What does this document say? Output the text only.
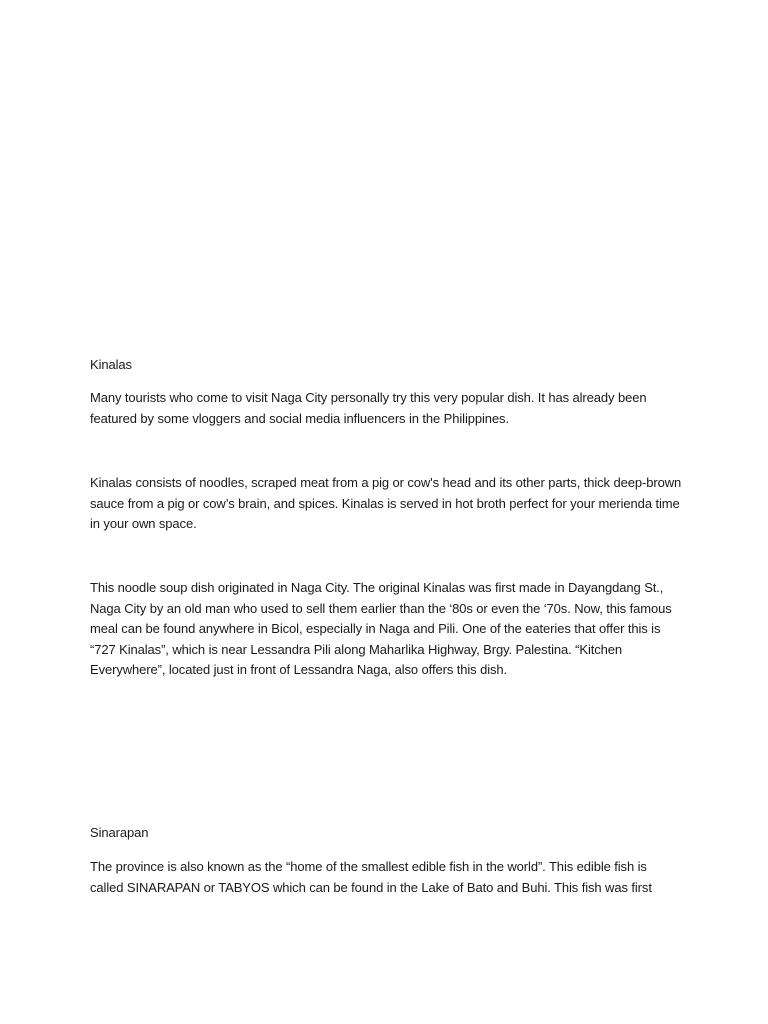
Kinalas
Many tourists who come to visit Naga City personally try this very popular dish. It has already been
featured by some vloggers and social media influencers in the Philippines.
Kinalas consists of noodles, scraped meat from a pig or cow's head and its other parts, thick deep-brown
sauce from a pig or cow’s brain, and spices. Kinalas is served in hot broth perfect for your merienda time
in your own space.
This noodle soup dish originated in Naga City. The original Kinalas was first made in Dayangdang St.,
Naga City by an old man who used to sell them earlier than the ‘80s or even the ‘70s. Now, this famous
meal can be found anywhere in Bicol, especially in Naga and Pili. One of the eateries that offer this is
“727 Kinalas”, which is near Lessandra Pili along Maharlika Highway, Brgy. Palestina. “Kitchen
Everywhere”, located just in front of Lessandra Naga, also offers this dish.
Sinarapan
The province is also known as the “home of the smallest edible fish in the world”. This edible fish is
called SINARAPAN or TABYOS which can be found in the Lake of Bato and Buhi. This fish was first
